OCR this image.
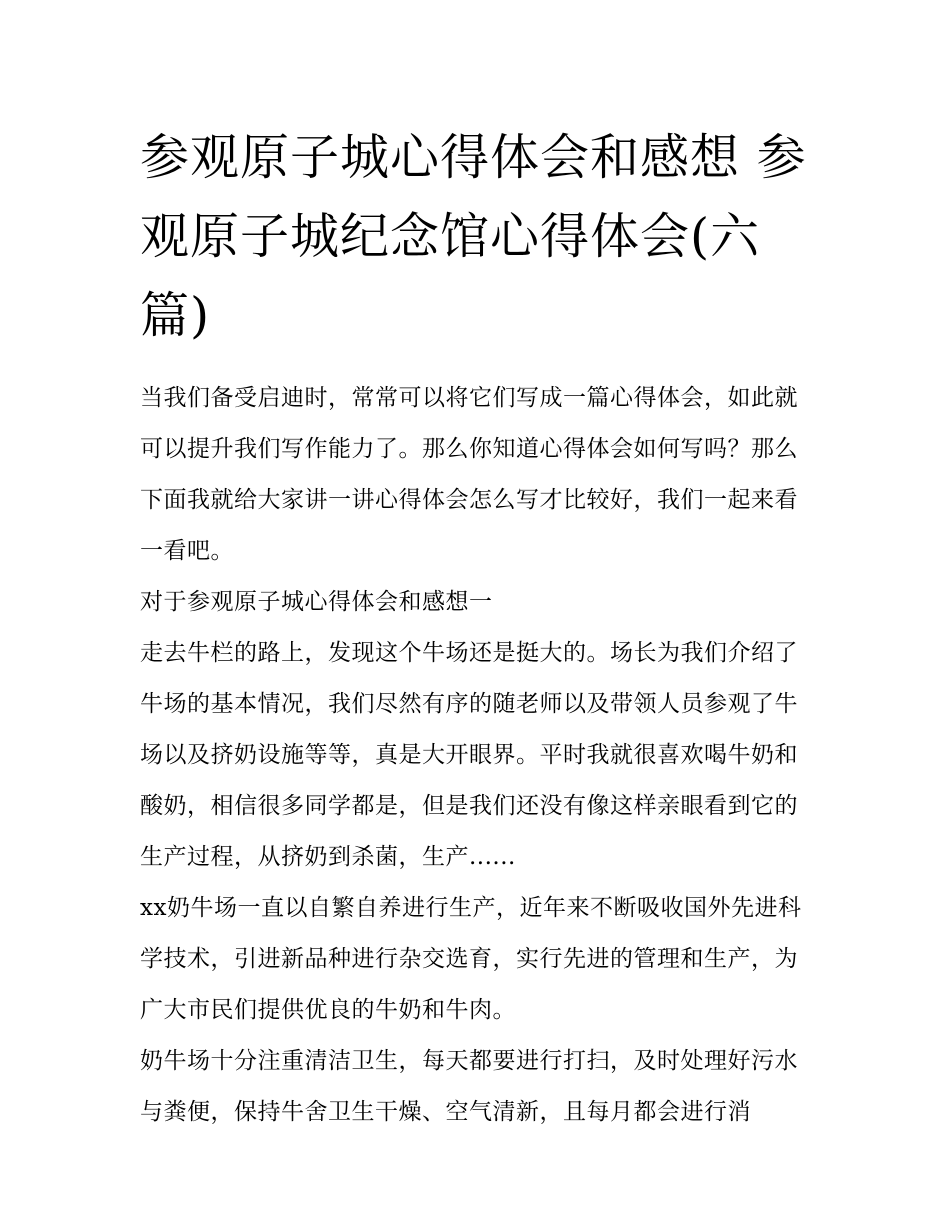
参观原子城心得体会和感想 参观原子城纪念馆心得体会(六篇)

当我们备受启迪时，常常可以将它们写成一篇心得体会，如此就可以提升我们写作能力了。那么你知道心得体会如何写吗？那么下面我就给大家讲一讲心得体会怎么写才比较好，我们一起来看一看吧。

对于参观原子城心得体会和感想一

走去牛栏的路上，发现这个牛场还是挺大的。场长为我们介绍了牛场的基本情况，我们尽然有序的随老师以及带领人员参观了牛场以及挤奶设施等等，真是大开眼界。平时我就很喜欢喝牛奶和酸奶，相信很多同学都是，但是我们还没有像这样亲眼看到它的生产过程，从挤奶到杀菌，生产......

xx奶牛场一直以自繁自养进行生产，近年来不断吸收国外先进科学技术，引进新品种进行杂交选育，实行先进的管理和生产，为广大市民们提供优良的牛奶和牛肉。

奶牛场十分注重清洁卫生，每天都要进行打扫，及时处理好污水与粪便，保持牛舍卫生干燥、空气清新，且每月都会进行消
